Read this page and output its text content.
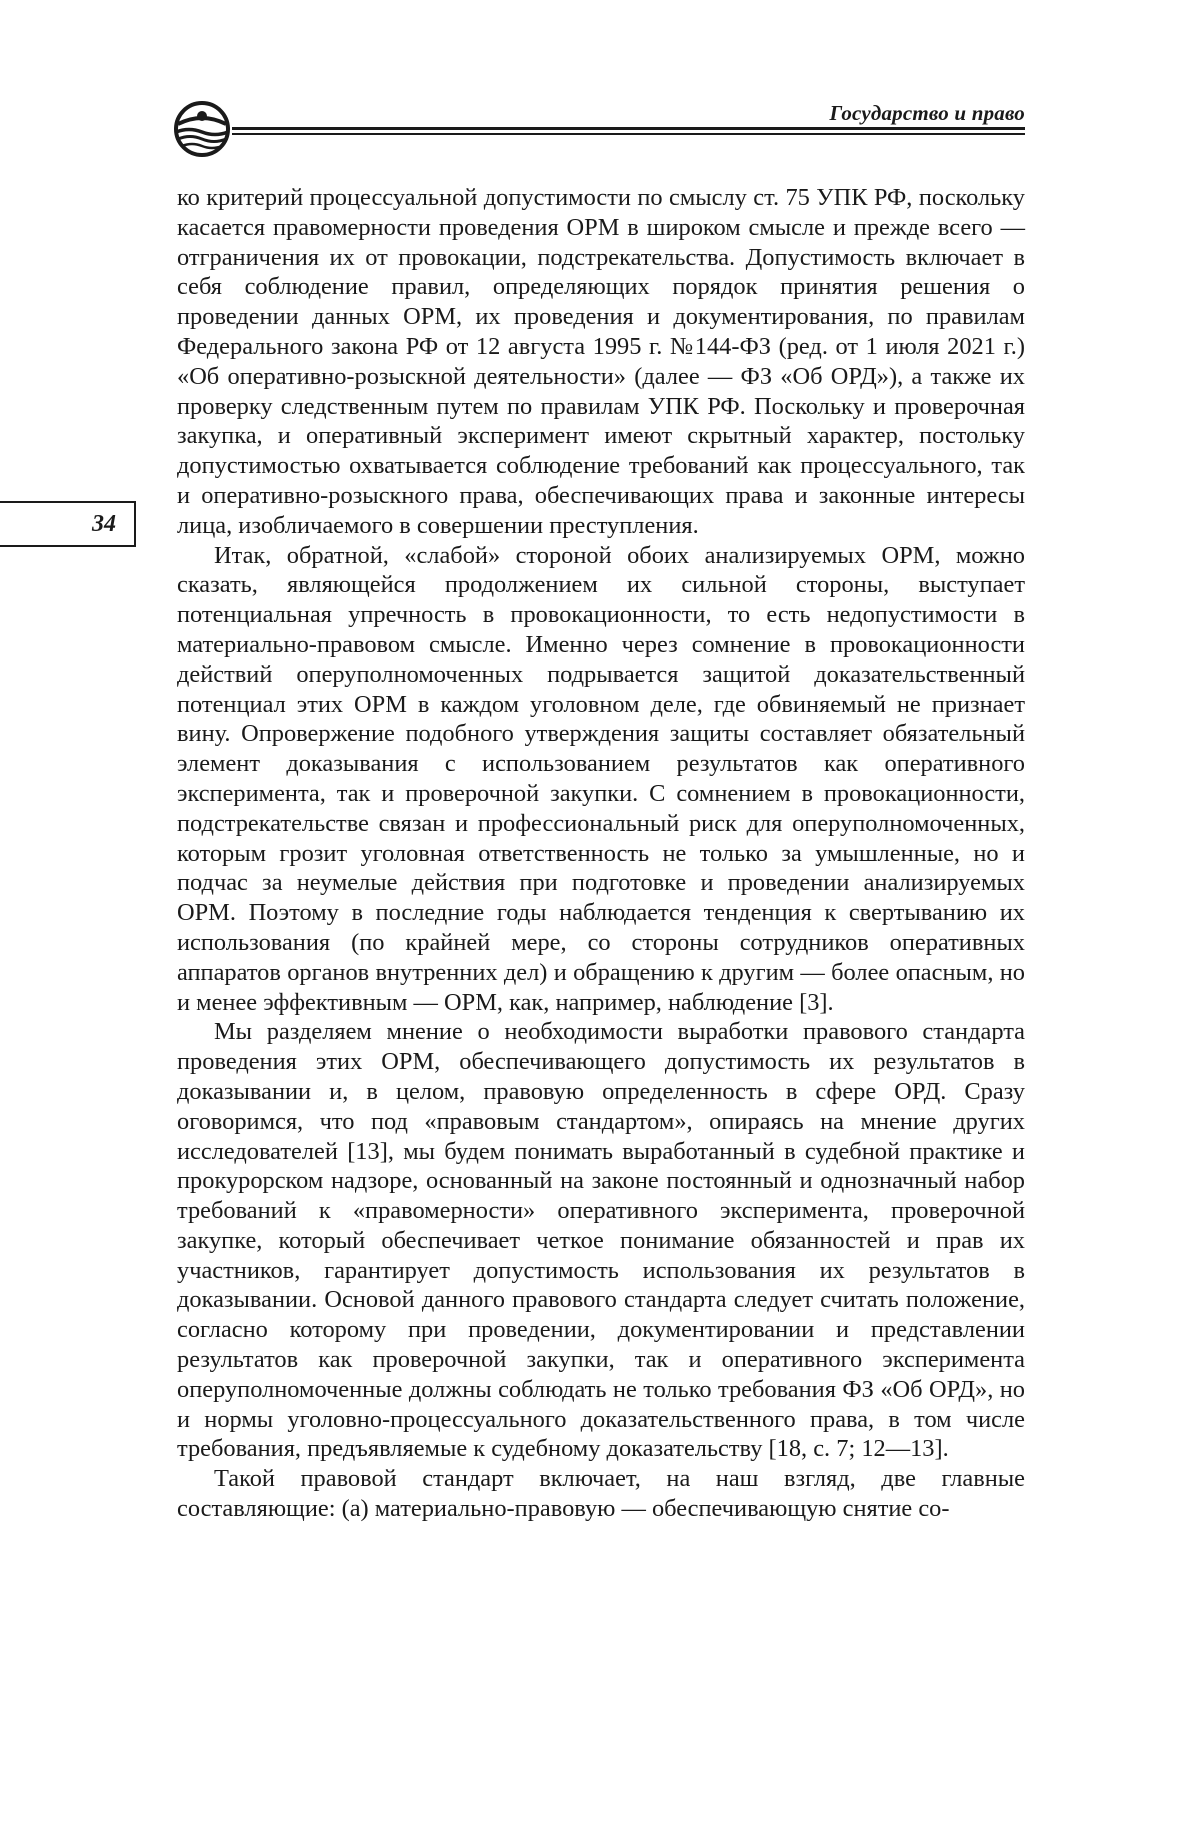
Государство и право
34

ко критерий процессуальной допустимости по смыслу ст. 75 УПК РФ, поскольку касается правомерности проведения ОРМ в широком смысле и прежде всего — отграничения их от провокации, подстрекательства. Допустимость включает в себя соблюдение правил, определяющих порядок принятия решения о проведении данных ОРМ, их проведения и документирования, по правилам Федерального закона РФ от 12 августа 1995 г. №144-ФЗ (ред. от 1 июля 2021 г.) «Об оперативно-розыскной деятельности» (далее — ФЗ «Об ОРД»), а также их проверку следственным путем по правилам УПК РФ. Поскольку и проверочная закупка, и оперативный эксперимент имеют скрытный характер, постольку допустимостью охватывается соблюдение требований как процессуального, так и оперативно-розыскного права, обеспечивающих права и законные интересы лица, изобличаемого в совершении преступления.

Итак, обратной, «слабой» стороной обоих анализируемых ОРМ, можно сказать, являющейся продолжением их сильной стороны, выступает потенциальная упречность в провокационности, то есть недопустимости в материально-правовом смысле. Именно через сомнение в провокационности действий оперуполномоченных подрывается защитой доказательственный потенциал этих ОРМ в каждом уголовном деле, где обвиняемый не признает вину. Опровержение подобного утверждения защиты составляет обязательный элемент доказывания с использованием результатов как оперативного эксперимента, так и проверочной закупки. С сомнением в провокационности, подстрекательстве связан и профессиональный риск для оперуполномоченных, которым грозит уголовная ответственность не только за умышленные, но и подчас за неумелые действия при подготовке и проведении анализируемых ОРМ. Поэтому в последние годы наблюдается тенденция к свертыванию их использования (по крайней мере, со стороны сотрудников оперативных аппаратов органов внутренних дел) и обращению к другим — более опасным, но и менее эффективным — ОРМ, как, например, наблюдение [3].

Мы разделяем мнение о необходимости выработки правового стандарта проведения этих ОРМ, обеспечивающего допустимость их результатов в доказывании и, в целом, правовую определенность в сфере ОРД. Сразу оговоримся, что под «правовым стандартом», опираясь на мнение других исследователей [13], мы будем понимать выработанный в судебной практике и прокурорском надзоре, основанный на законе постоянный и однозначный набор требований к «правомерности» оперативного эксперимента, проверочной закупке, который обеспечивает четкое понимание обязанностей и прав их участников, гарантирует допустимость использования их результатов в доказывании. Основой данного правового стандарта следует считать положение, согласно которому при проведении, документировании и представлении результатов как проверочной закупки, так и оперативного эксперимента оперуполномоченные должны соблюдать не только требования ФЗ «Об ОРД», но и нормы уголовно-процессуального доказательственного права, в том числе требования, предъявляемые к судебному доказательству [18, с. 7; 12—13].

Такой правовой стандарт включает, на наш взгляд, две главные составляющие: (а) материально-правовую — обеспечивающую снятие со-
